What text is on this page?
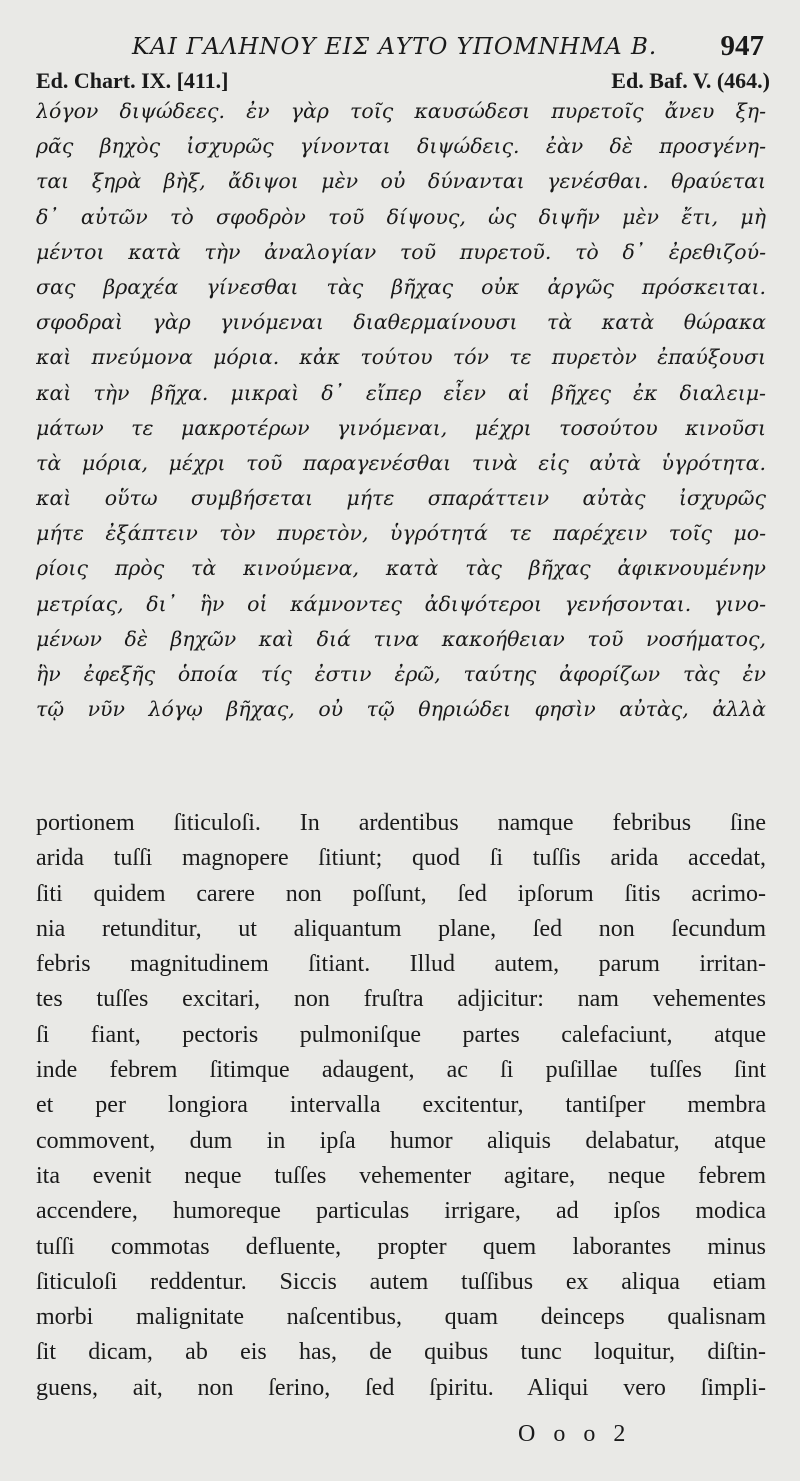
ΚΑΙ ΓΑΛΗΝΟΥ ΕΙΣ ΑΥΤΟ ΥΠΟΜΝΗΜΑ Β. 947
Ed. Chart. IX. [411.]	Ed. Baf. V. (464.)
λόγον διψώδεες. ἐν γὰρ τοῖς καυσώδεσι πυρετοῖς ἄνευ ξη-
ρᾶς βηχὸς ἰσχυρῶς γίνονται διψώδεις. ἐὰν δὲ προσγένη-
ται ξηρὰ βὴξ, ἄδιψοι μὲν οὐ δύνανται γενέσθαι. θραύεται
δ᾽ αὐτῶν τὸ σφοδρὸν τοῦ δίψους, ὡς διψῆν μὲν ἔτι, μὴ
μέντοι κατὰ τὴν ἀναλογίαν τοῦ πυρετοῦ. τὸ δ᾽ ἐρεθιζού-
σας βραχέα γίνεσθαι τὰς βῆχας οὐκ ἀργῶς πρόσκειται.
σφοδραὶ γὰρ γινόμεναι διαθερμαίνουσι τὰ κατὰ θώρακα
καὶ πνεύμονα μόρια. κἀκ τούτου τόν τε πυρετὸν ἐπαύξουσι
καὶ τὴν βῆχα. μικραὶ δ᾽ εἴπερ εἶεν αἱ βῆχες ἐκ διαλειμ-
μάτων τε μακροτέρων γινόμεναι, μέχρι τοσούτου κινοῦσι
τὰ μόρια, μέχρι τοῦ παραγενέσθαι τινὰ εἰς αὐτὰ ὑγρότητα.
καὶ οὕτω συμβήσεται μήτε σπαράττειν αὐτὰς ἰσχυρῶς
μήτε ἐξάπτειν τὸν πυρετὸν, ὑγρότητά τε παρέχειν τοῖς μο-
ρίοις πρὸς τὰ κινούμενα, κατὰ τὰς βῆχας ἀφικνουμένην
μετρίας, δι᾽ ἣν οἱ κάμνοντες ἀδιψότεροι γενήσονται. γινο-
μένων δὲ βηχῶν καὶ διά τινα κακοήθειαν τοῦ νοσήματος,
ἣν ἐφεξῆς ὁποία τίς ἐστιν ἐρῶ, ταύτης ἀφορίζων τὰς ἐν
τῷ νῦν λόγῳ βῆχας, οὐ τῷ θηριώδει φησὶν αὐτὰς, ἀλλὰ
portionem ſiticuloſi. In ardentibus namque febribus ſine
arida tuſſi magnopere ſitiunt; quod ſi tuſſis arida accedat,
ſiti quidem carere non poſſunt, ſed ipſorum ſitis acrimo-
nia retunditur, ut aliquantum plane, ſed non ſecundum
febris magnitudinem ſitiant. Illud autem, parum irritan-
tes tuſſes excitari, non fruſtra adjicitur: nam vehementes
ſi fiant, pectoris pulmoniſque partes calefaciunt, atque
inde febrem ſitimque adaugent, ac ſi puſillae tuſſes ſint
et per longiora intervalla excitentur, tantiſper membra
commovent, dum in ipſa humor aliquis delabatur, atque
ita evenit neque tuſſes vehementer agitare, neque febrem
accendere, humoreque particulas irrigare, ad ipſos modica
tuſſi commotas defluente, propter quem laborantes minus
ſiticuloſi reddentur. Siccis autem tuſſibus ex aliqua etiam
morbi malignitate naſcentibus, quam deinceps qualisnam
ſit dicam, ab eis has, de quibus tunc loquitur, diſtin-
guens, ait, non ſerino, ſed ſpiritu. Aliqui vero ſimpli-
O o o 2
